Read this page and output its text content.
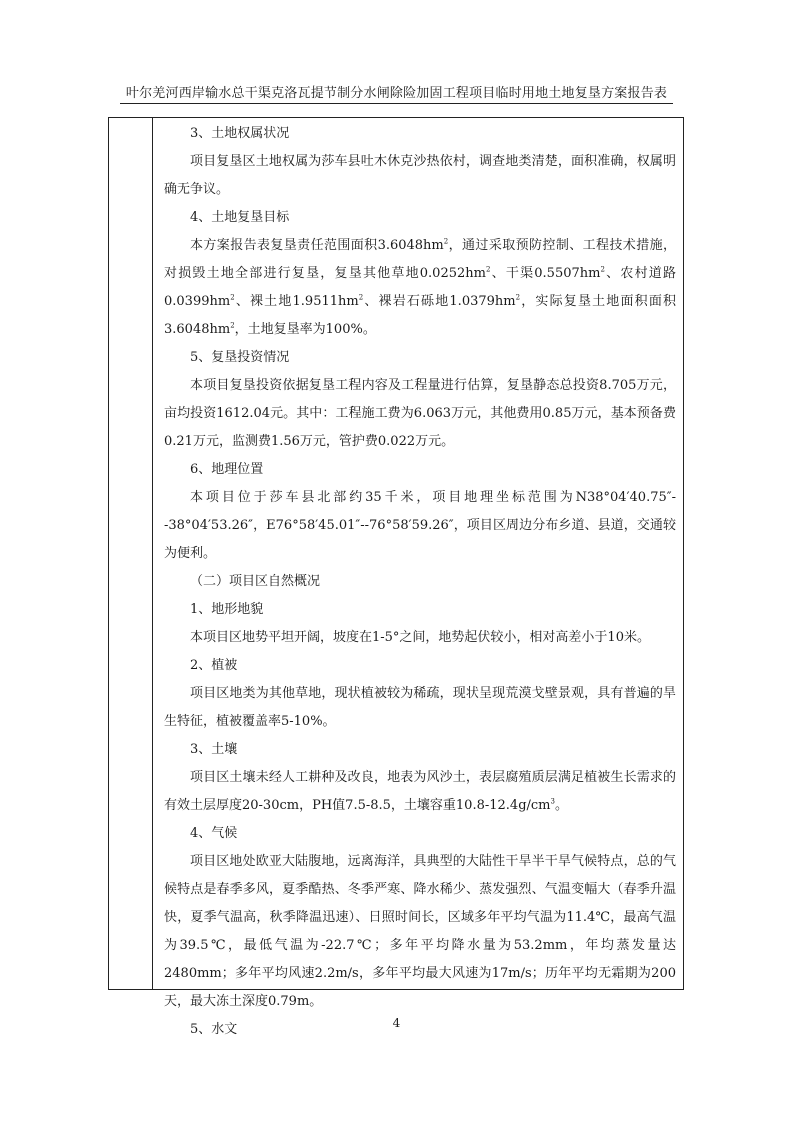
叶尔羌河西岸输水总干渠克洛瓦提节制分水闸除险加固工程项目临时用地土地复垦方案报告表

3、土地权属状况

项目复垦区土地权属为莎车县吐木休克沙热依村，调查地类清楚，面积准确，权属明确无争议。

4、土地复垦目标

本方案报告表复垦责任范围面积$3.6048hm^2$，通过采取预防控制、工程技术措施，对损毁土地全部进行复垦，复垦其他草地$0.0252hm^2$、干渠$0.5507hm^2$、农村道路$0.0399hm^2$、裸土地$1.9511hm^2$、裸岩石砾地$1.0379hm^2$，实际复垦土地面积面积$3.6048hm^2$，土地复垦率为100%。

5、复垦投资情况

本项目复垦投资依据复垦工程内容及工程量进行估算，复垦静态总投资8.705万元，亩均投资1612.04元。其中：工程施工费为6.063万元，其他费用0.85万元，基本预备费0.21万元，监测费1.56万元，管护费0.022万元。

6、地理位置

本项目位于莎车县北部约35千米，项目地理坐标范围为N38°04′40.75″--38°04′53.26″，E76°58′45.01″--76°58′59.26″，项目区周边分布乡道、县道，交通较为便利。

（二）项目区自然概况

1、地形地貌

本项目区地势平坦开阔，坡度在1-5°之间，地势起伏较小，相对高差小于10米。

2、植被

项目区地类为其他草地，现状植被较为稀疏，现状呈现荒漠戈壁景观，具有普遍的旱生特征，植被覆盖率5-10%。

3、土壤

项目区土壤未经人工耕种及改良，地表为风沙土，表层腐殖质层满足植被生长需求的有效土层厚度20-30cm，PH值7.5-8.5，土壤容重$10.8-12.4g/cm^3$。

4、气候

项目区地处欧亚大陆腹地，远离海洋，具典型的大陆性干旱半干旱气候特点，总的气候特点是春季多风，夏季酷热、冬季严寒、降水稀少、蒸发强烈、气温变幅大（春季升温快，夏季气温高，秋季降温迅速）、日照时间长，区域多年平均气温为11.4℃，最高气温为39.5℃，最低气温为-22.7℃；多年平均降水量为53.2mm，年均蒸发量达2480mm；多年平均风速2.2m/s，多年平均最大风速为17m/s；历年平均无霜期为200天，最大冻土深度0.79m。

5、水文	4
